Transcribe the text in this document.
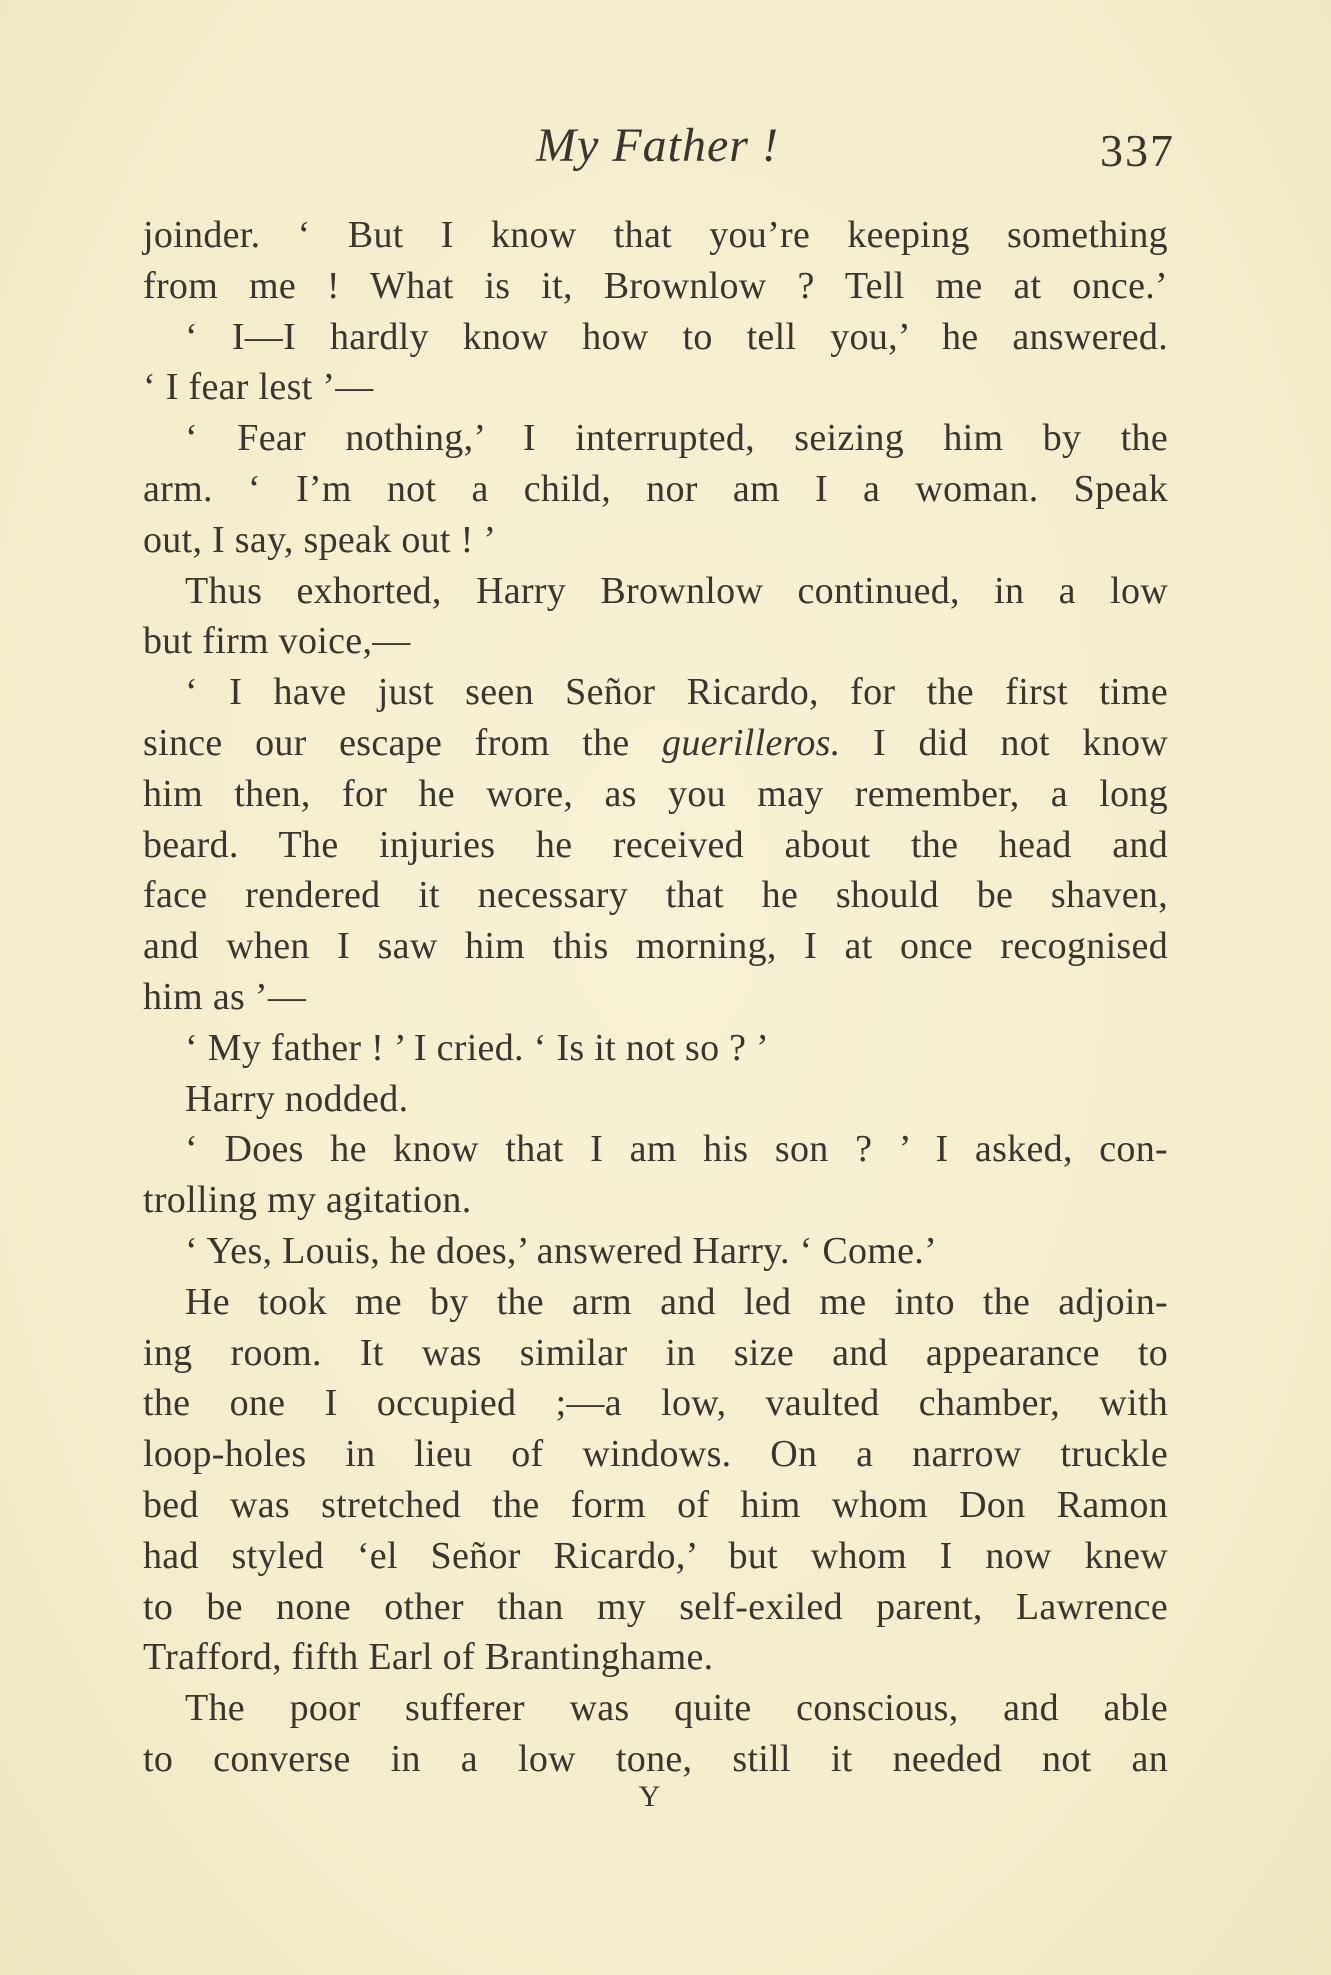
My Father !	337
joinder. ‘ But I know that you’re keeping something
from me ! What is it, Brownlow ? Tell me at once.’
‘ I—I hardly know how to tell you,’ he answered.
‘ I fear lest ’—
‘ Fear nothing,’ I interrupted, seizing him by the
arm. ‘ I’m not a child, nor am I a woman. Speak
out, I say, speak out ! ’
Thus exhorted, Harry Brownlow continued, in a low
but firm voice,—
‘ I have just seen Señor Ricardo, for the first time
since our escape from the guerilleros. I did not know
him then, for he wore, as you may remember, a long
beard. The injuries he received about the head and
face rendered it necessary that he should be shaven,
and when I saw him this morning, I at once recognised
him as ’—
‘ My father ! ’ I cried. ‘ Is it not so ? ’
Harry nodded.
‘ Does he know that I am his son ? ’ I asked, con-
trolling my agitation.
‘ Yes, Louis, he does,’ answered Harry. ‘ Come.’
He took me by the arm and led me into the adjoin-
ing room. It was similar in size and appearance to
the one I occupied ;—a low, vaulted chamber, with
loop-holes in lieu of windows. On a narrow truckle
bed was stretched the form of him whom Don Ramon
had styled ‘el Señor Ricardo,’ but whom I now knew
to be none other than my self-exiled parent, Lawrence
Trafford, fifth Earl of Brantinghame.
The poor sufferer was quite conscious, and able
to converse in a low tone, still it needed not an
Y
